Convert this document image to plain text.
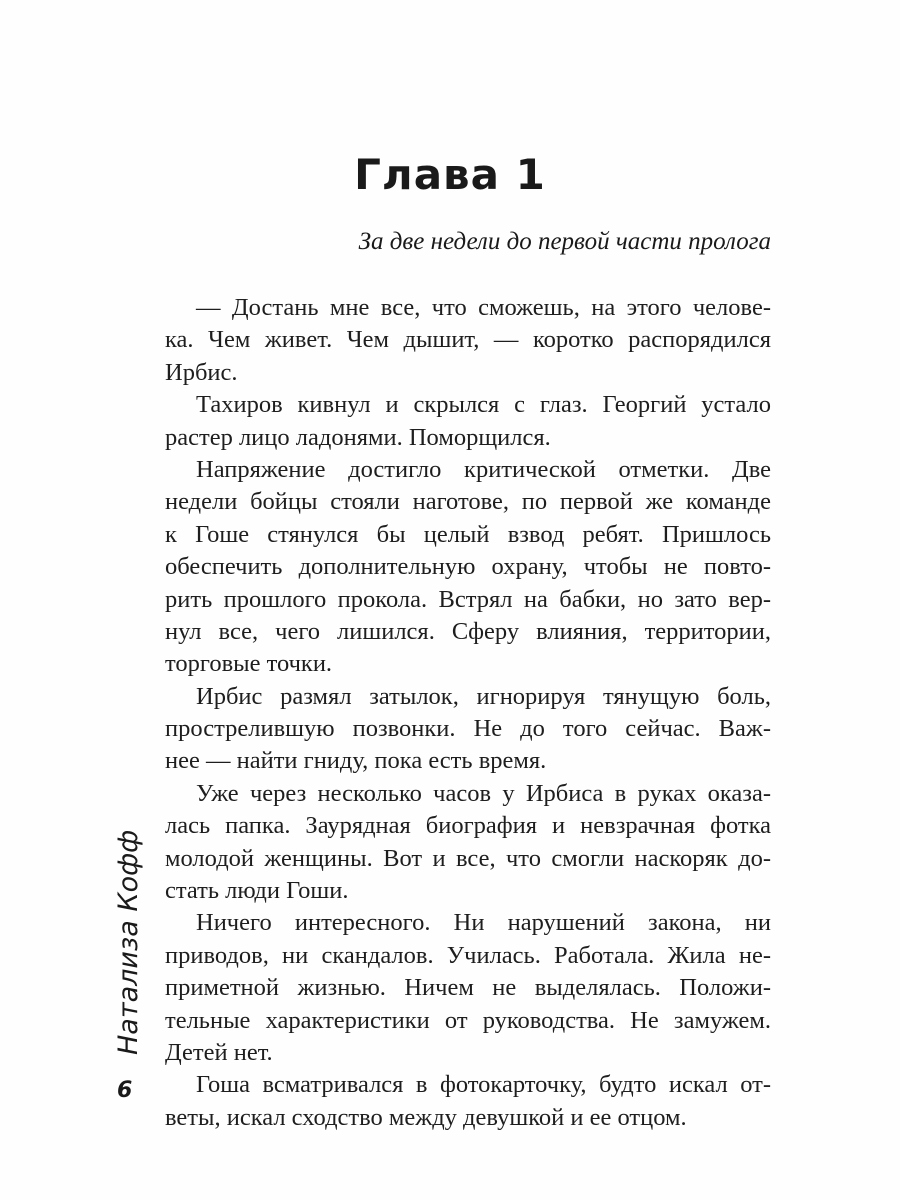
Глава 1
За две недели до первой части пролога
— Достань мне все, что сможешь, на этого челове-
ка. Чем живет. Чем дышит, — коротко распорядился
Ирбис.
Тахиров кивнул и скрылся с глаз. Георгий устало
растер лицо ладонями. Поморщился.
Напряжение достигло критической отметки. Две
недели бойцы стояли наготове, по первой же команде
к Гоше стянулся бы целый взвод ребят. Пришлось
обеспечить дополнительную охрану, чтобы не повто-
рить прошлого прокола. Встрял на бабки, но зато вер-
нул все, чего лишился. Сферу влияния, территории,
торговые точки.
Ирбис размял затылок, игнорируя тянущую боль,
прострелившую позвонки. Не до того сейчас. Важ-
нее — найти гниду, пока есть время.
Уже через несколько часов у Ирбиса в руках оказа-
лась папка. Заурядная биография и невзрачная фотка
молодой женщины. Вот и все, что смогли наскоряк до-
стать люди Гоши.
Ничего интересного. Ни нарушений закона, ни
приводов, ни скандалов. Училась. Работала. Жила не-
приметной жизнью. Ничем не выделялась. Положи-
тельные характеристики от руководства. Не замужем.
Детей нет.
Гоша всматривался в фотокарточку, будто искал от-
веты, искал сходство между девушкой и ее отцом.
Натализа Кофф
6
